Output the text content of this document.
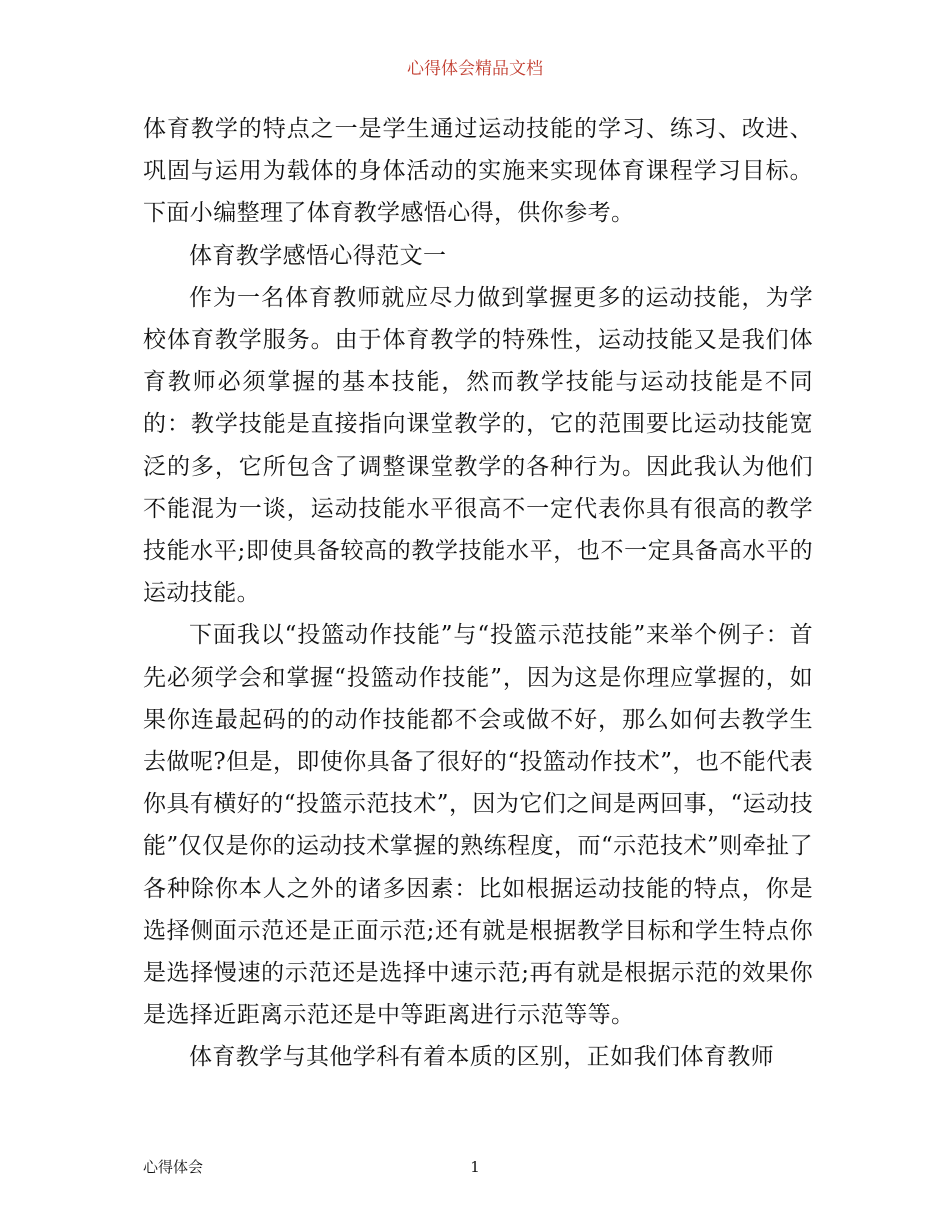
心得体会精品文档

体育教学的特点之一是学生通过运动技能的学习、练习、改进、巩固与运用为载体的身体活动的实施来实现体育课程学习目标。下面小编整理了体育教学感悟心得，供你参考。

体育教学感悟心得范文一

作为一名体育教师就应尽力做到掌握更多的运动技能，为学校体育教学服务。由于体育教学的特殊性，运动技能又是我们体育教师必须掌握的基本技能，然而教学技能与运动技能是不同的：教学技能是直接指向课堂教学的，它的范围要比运动技能宽泛的多，它所包含了调整课堂教学的各种行为。因此我认为他们不能混为一谈，运动技能水平很高不一定代表你具有很高的教学技能水平;即使具备较高的教学技能水平，也不一定具备高水平的运动技能。

下面我以“投篮动作技能”与“投篮示范技能”来举个例子：首先必须学会和掌握“投篮动作技能”，因为这是你理应掌握的，如果你连最起码的的动作技能都不会或做不好，那么如何去教学生去做呢?但是，即使你具备了很好的“投篮动作技术”，也不能代表你具有横好的“投篮示范技术”，因为它们之间是两回事，“运动技能”仅仅是你的运动技术掌握的熟练程度，而“示范技术”则牵扯了各种除你本人之外的诸多因素：比如根据运动技能的特点，你是选择侧面示范还是正面示范;还有就是根据教学目标和学生特点你是选择慢速的示范还是选择中速示范;再有就是根据示范的效果你是选择近距离示范还是中等距离进行示范等等。

体育教学与其他学科有着本质的区别，正如我们体育教师

心得体会	1
